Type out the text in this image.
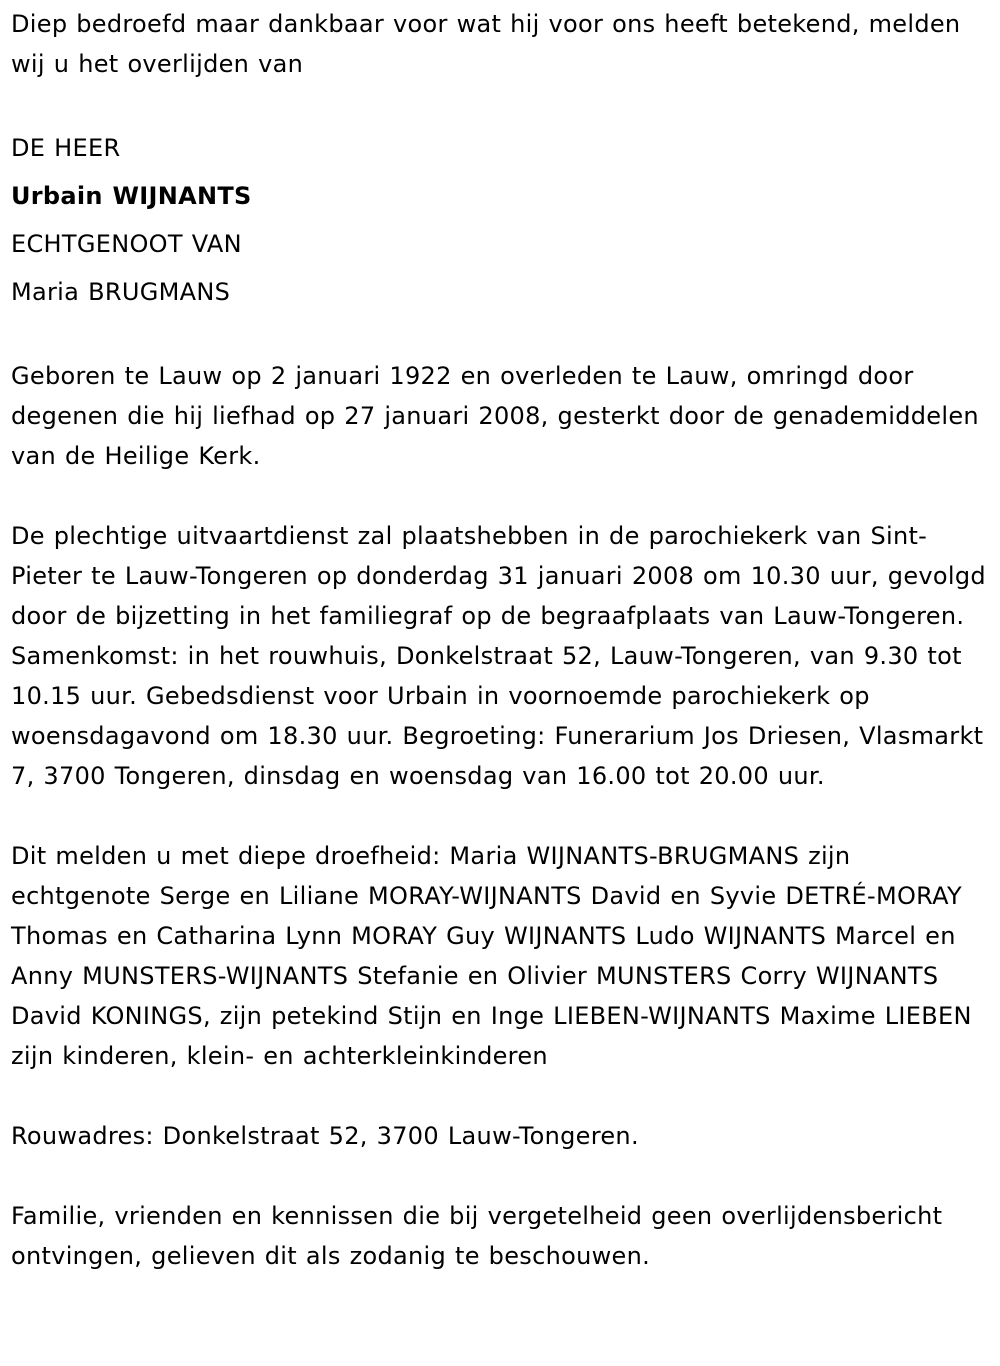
Diep bedroefd maar dankbaar voor wat hij voor ons heeft betekend, melden wij u het overlijden van

DE HEER

Urbain WIJNANTS

ECHTGENOOT VAN

Maria BRUGMANS

Geboren te Lauw op 2 januari 1922 en overleden te Lauw, omringd door degenen die hij liefhad op 27 januari 2008, gesterkt door de genademiddelen van de Heilige Kerk.

De plechtige uitvaartdienst zal plaatshebben in de parochiekerk van Sint-Pieter te Lauw-Tongeren op donderdag 31 januari 2008 om 10.30 uur, gevolgd door de bijzetting in het familiegraf op de begraafplaats van Lauw-Tongeren. Samenkomst: in het rouwhuis, Donkelstraat 52, Lauw-Tongeren, van 9.30 tot 10.15 uur. Gebedsdienst voor Urbain in voornoemde parochiekerk op woensdagavond om 18.30 uur. Begroeting: Funerarium Jos Driesen, Vlasmarkt 7, 3700 Tongeren, dinsdag en woensdag van 16.00 tot 20.00 uur.

Dit melden u met diepe droefheid: Maria WIJNANTS-BRUGMANS zijn echtgenote Serge en Liliane MORAY-WIJNANTS David en Syvie DETRÉ-MORAY Thomas en Catharina Lynn MORAY Guy WIJNANTS Ludo WIJNANTS Marcel en Anny MUNSTERS-WIJNANTS Stefanie en Olivier MUNSTERS Corry WIJNANTS David KONINGS, zijn petekind Stijn en Inge LIEBEN-WIJNANTS Maxime LIEBEN zijn kinderen, klein- en achterkleinkinderen

Rouwadres: Donkelstraat 52, 3700 Lauw-Tongeren.

Familie, vrienden en kennissen die bij vergetelheid geen overlijdensbericht ontvingen, gelieven dit als zodanig te beschouwen.
